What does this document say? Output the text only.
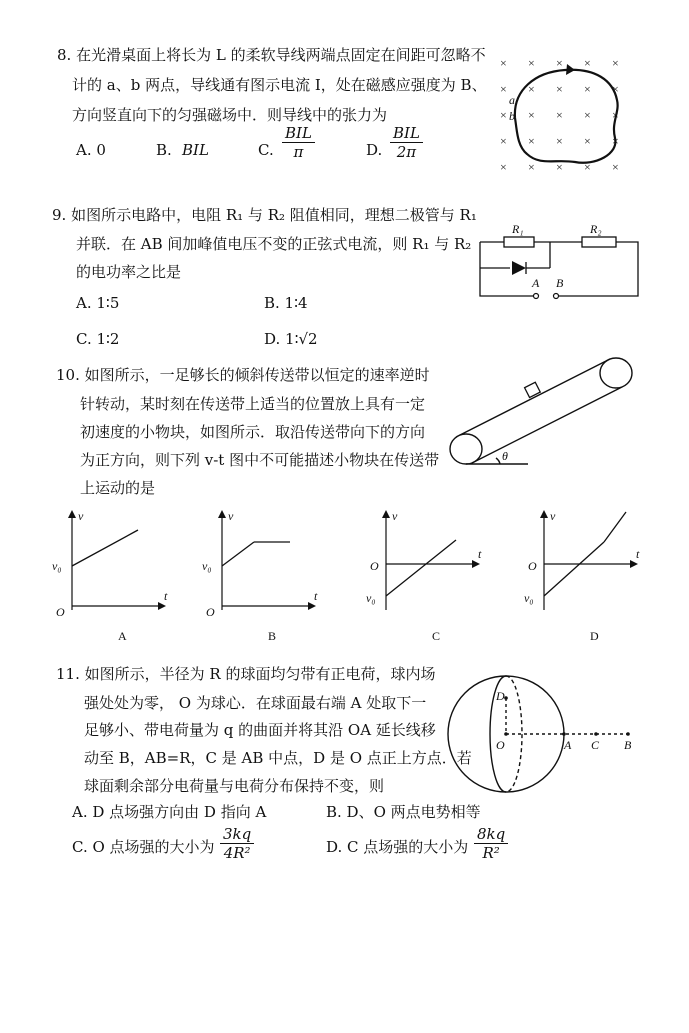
8. 在光滑桌面上将长为 L 的柔软导线两端点固定在间距可忽略不
计的 a、b 两点，导线通有图示电流 I，处在磁感应强度为 B、
方向竖直向下的匀强磁场中．则导线中的张力为
A. 0	B. BIL	C.
BIL
π	D.
BIL
2π
× × × × ×
× × × × ×
× × × × ×
× × × × ×
× × × × ×
a
b
9. 如图所示电路中，电阻 R₁ 与 R₂ 阻值相同，理想二极管与 R₁
并联．在 AB 间加峰值电压不变的正弦式电流，则 R₁ 与 R₂
的电功率之比是
A. 1∶5	B. 1∶4
C. 1∶2	D. 1∶√2
R₁	R₂
A B
10. 如图所示，一足够长的倾斜传送带以恒定的速率逆时
针转动，某时刻在传送带上适当的位置放上具有一定
初速度的小物块，如图所示．取沿传送带向下的方向
为正方向，则下列 v-t 图中不可能描述小物块在传送带
上运动的是
θ
v
t
O
v₀
A
v
t
O
v₀
B
v
t
O
v₀
C
v
t
O
v₀
D
11. 如图所示，半径为 R 的球面均匀带有正电荷，球内场
强处处为零， O 为球心．在球面最右端 A 处取下一
足够小、带电荷量为 q 的曲面并将其沿 OA 延长线移
动至 B，AB=R，C 是 AB 中点，D 是 O 点正上方点．若
球面剩余部分电荷量与电荷分布保持不变，则
A. D 点场强方向由 D 指向 A	B. D、O 两点电势相等
C. O 点场强的大小为 $\frac{3kq}{\text{4R²}}$	D. C 点场强的大小为 $\frac{8kq}{\text{R²}}$
D
O	A C B
